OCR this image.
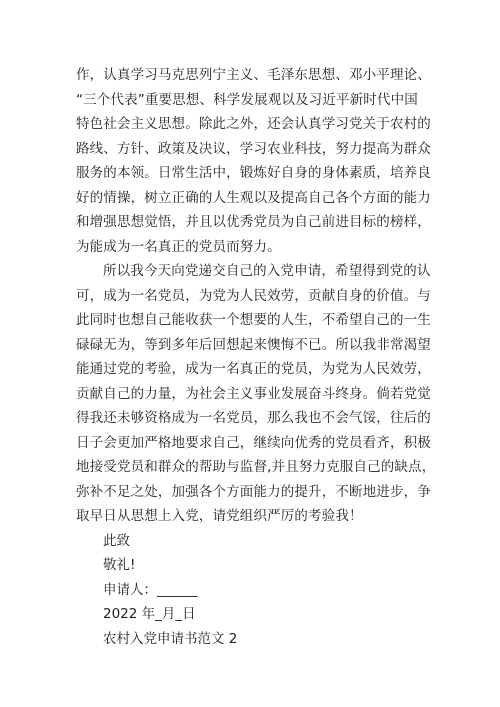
作，认真学习马克思列宁主义、毛泽东思想、邓小平理论、
“三个代表”重要思想、科学发展观以及习近平新时代中国
特色社会主义思想。除此之外，还会认真学习党关于农村的
路线、方针、政策及决议，学习农业科技，努力提高为群众
服务的本领。日常生活中，锻炼好自身的身体素质，培养良
好的情操，树立正确的人生观以及提高自己各个方面的能力
和增强思想觉悟，并且以优秀党员为自己前进目标的榜样，
为能成为一名真正的党员而努力。
所以我今天向党递交自己的入党申请，希望得到党的认
可，成为一名党员，为党为人民效劳，贡献自身的价值。与
此同时也想自己能收获一个想要的人生，不希望自己的一生
碌碌无为，等到多年后回想起来懊悔不已。所以我非常渴望
能通过党的考验，成为一名真正的党员，为党为人民效劳，
贡献自己的力量，为社会主义事业发展奋斗终身。倘若党觉
得我还未够资格成为一名党员，那么我也不会气馁，往后的
日子会更加严格地要求自己，继续向优秀的党员看齐，积极
地接受党员和群众的帮助与监督,并且努力克服自己的缺点，
弥补不足之处，加强各个方面能力的提升，不断地进步，争
取早日从思想上入党，请党组织严厉的考验我！
此致
敬礼!
申请人：______
2022 年_月_日
农村入党申请书范文 2
